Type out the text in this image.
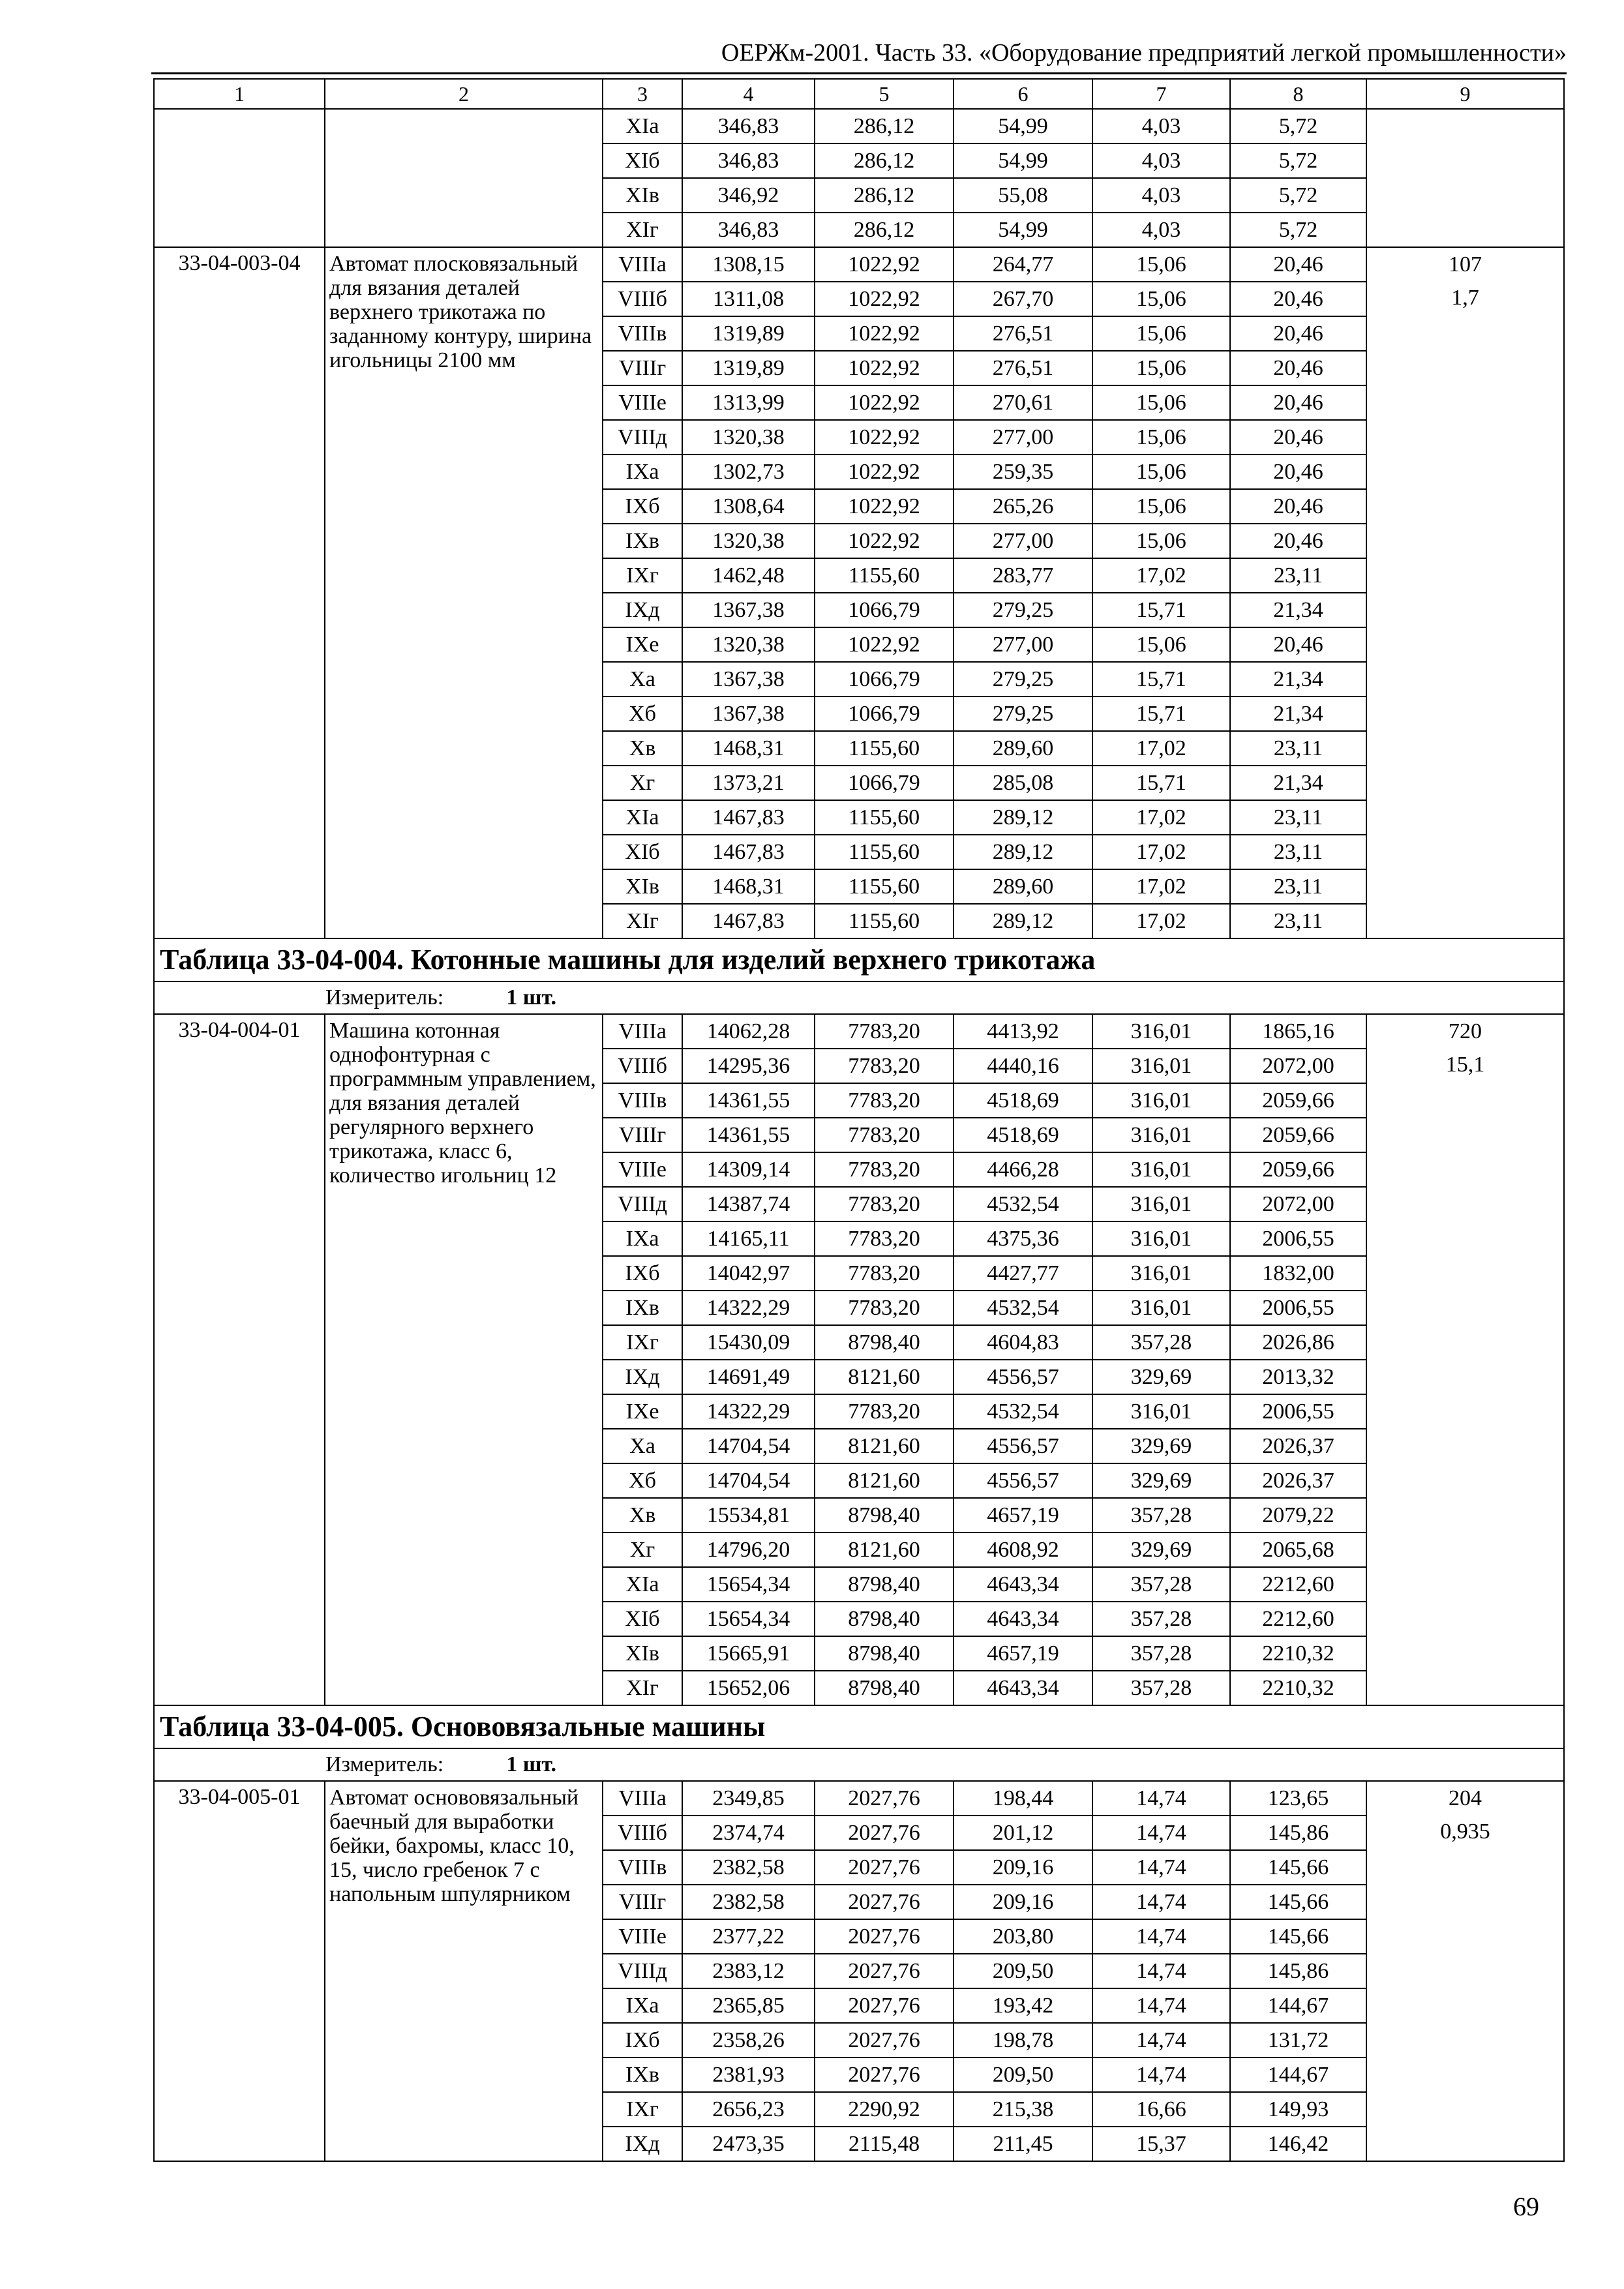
ОЕРЖм-2001. Часть 33. «Оборудование предприятий легкой промышленности»
1	2	3	4	5	6	7	8	9
		XIа	346,83	286,12	54,99	4,03	5,72	
		XIб	346,83	286,12	54,99	4,03	5,72	
		XIв	346,92	286,12	55,08	4,03	5,72	
		XIг	346,83	286,12	54,99	4,03	5,72	
33-04-003-04	Автомат плосковязальный для вязания деталей верхнего трикотажа по заданному контуру, ширина игольницы 2100 мм	VIIIа	1308,15	1022,92	264,77	15,06	20,46	107
1,7

		VIIIб	1311,08	1022,92	267,70	15,06	20,46	
		VIIIв	1319,89	1022,92	276,51	15,06	20,46	
		VIIIг	1319,89	1022,92	276,51	15,06	20,46	
		VIIIе	1313,99	1022,92	270,61	15,06	20,46	
		VIIIд	1320,38	1022,92	277,00	15,06	20,46	
		IXа	1302,73	1022,92	259,35	15,06	20,46	
		IXб	1308,64	1022,92	265,26	15,06	20,46	
		IXв	1320,38	1022,92	277,00	15,06	20,46	
		IXг	1462,48	1155,60	283,77	17,02	23,11	
		IXд	1367,38	1066,79	279,25	15,71	21,34	
		IXе	1320,38	1022,92	277,00	15,06	20,46	
		Xа	1367,38	1066,79	279,25	15,71	21,34	
		Xб	1367,38	1066,79	279,25	15,71	21,34	
		Xв	1468,31	1155,60	289,60	17,02	23,11	
		Xг	1373,21	1066,79	285,08	15,71	21,34	
		XIа	1467,83	1155,60	289,12	17,02	23,11	
		XIб	1467,83	1155,60	289,12	17,02	23,11	
		XIв	1468,31	1155,60	289,60	17,02	23,11	
		XIг	1467,83	1155,60	289,12	17,02	23,11	
Таблица 33-04-004. Котонные машины для изделий верхнего трикотажа								
Измеритель: 1 шт.								
33-04-004-01	Машина котонная однофонтурная с программным управлением, для вязания деталей регулярного верхнего трикотажа, класс 6, количество игольниц 12	VIIIа	14062,28	7783,20	4413,92	316,01	1865,16	720
15,1

		VIIIб	14295,36	7783,20	4440,16	316,01	2072,00	
		VIIIв	14361,55	7783,20	4518,69	316,01	2059,66	
		VIIIг	14361,55	7783,20	4518,69	316,01	2059,66	
		VIIIе	14309,14	7783,20	4466,28	316,01	2059,66	
		VIIIд	14387,74	7783,20	4532,54	316,01	2072,00	
		IXа	14165,11	7783,20	4375,36	316,01	2006,55	
		IXб	14042,97	7783,20	4427,77	316,01	1832,00	
		IXв	14322,29	7783,20	4532,54	316,01	2006,55	
		IXг	15430,09	8798,40	4604,83	357,28	2026,86	
		IXд	14691,49	8121,60	4556,57	329,69	2013,32	
		IXе	14322,29	7783,20	4532,54	316,01	2006,55	
		Xа	14704,54	8121,60	4556,57	329,69	2026,37	
		Xб	14704,54	8121,60	4556,57	329,69	2026,37	
		Xв	15534,81	8798,40	4657,19	357,28	2079,22	
		Xг	14796,20	8121,60	4608,92	329,69	2065,68	
		XIа	15654,34	8798,40	4643,34	357,28	2212,60	
		XIб	15654,34	8798,40	4643,34	357,28	2212,60	
		XIв	15665,91	8798,40	4657,19	357,28	2210,32	
		XIг	15652,06	8798,40	4643,34	357,28	2210,32	
Таблица 33-04-005. Основовязальные машины								
Измеритель: 1 шт.								
33-04-005-01	Автомат основовязальный баечный для выработки бейки, бахромы, класс 10, 15, число гребенок 7 с напольным шпулярником	VIIIа	2349,85	2027,76	198,44	14,74	123,65	204
0,935

		VIIIб	2374,74	2027,76	201,12	14,74	145,86	
		VIIIв	2382,58	2027,76	209,16	14,74	145,66	
		VIIIг	2382,58	2027,76	209,16	14,74	145,66	
		VIIIе	2377,22	2027,76	203,80	14,74	145,66	
		VIIIд	2383,12	2027,76	209,50	14,74	145,86	
		IXа	2365,85	2027,76	193,42	14,74	144,67	
		IXб	2358,26	2027,76	198,78	14,74	131,72	
		IXв	2381,93	2027,76	209,50	14,74	144,67	
		IXг	2656,23	2290,92	215,38	16,66	149,93	
		IXд	2473,35	2115,48	211,45	15,37	146,42	
69
